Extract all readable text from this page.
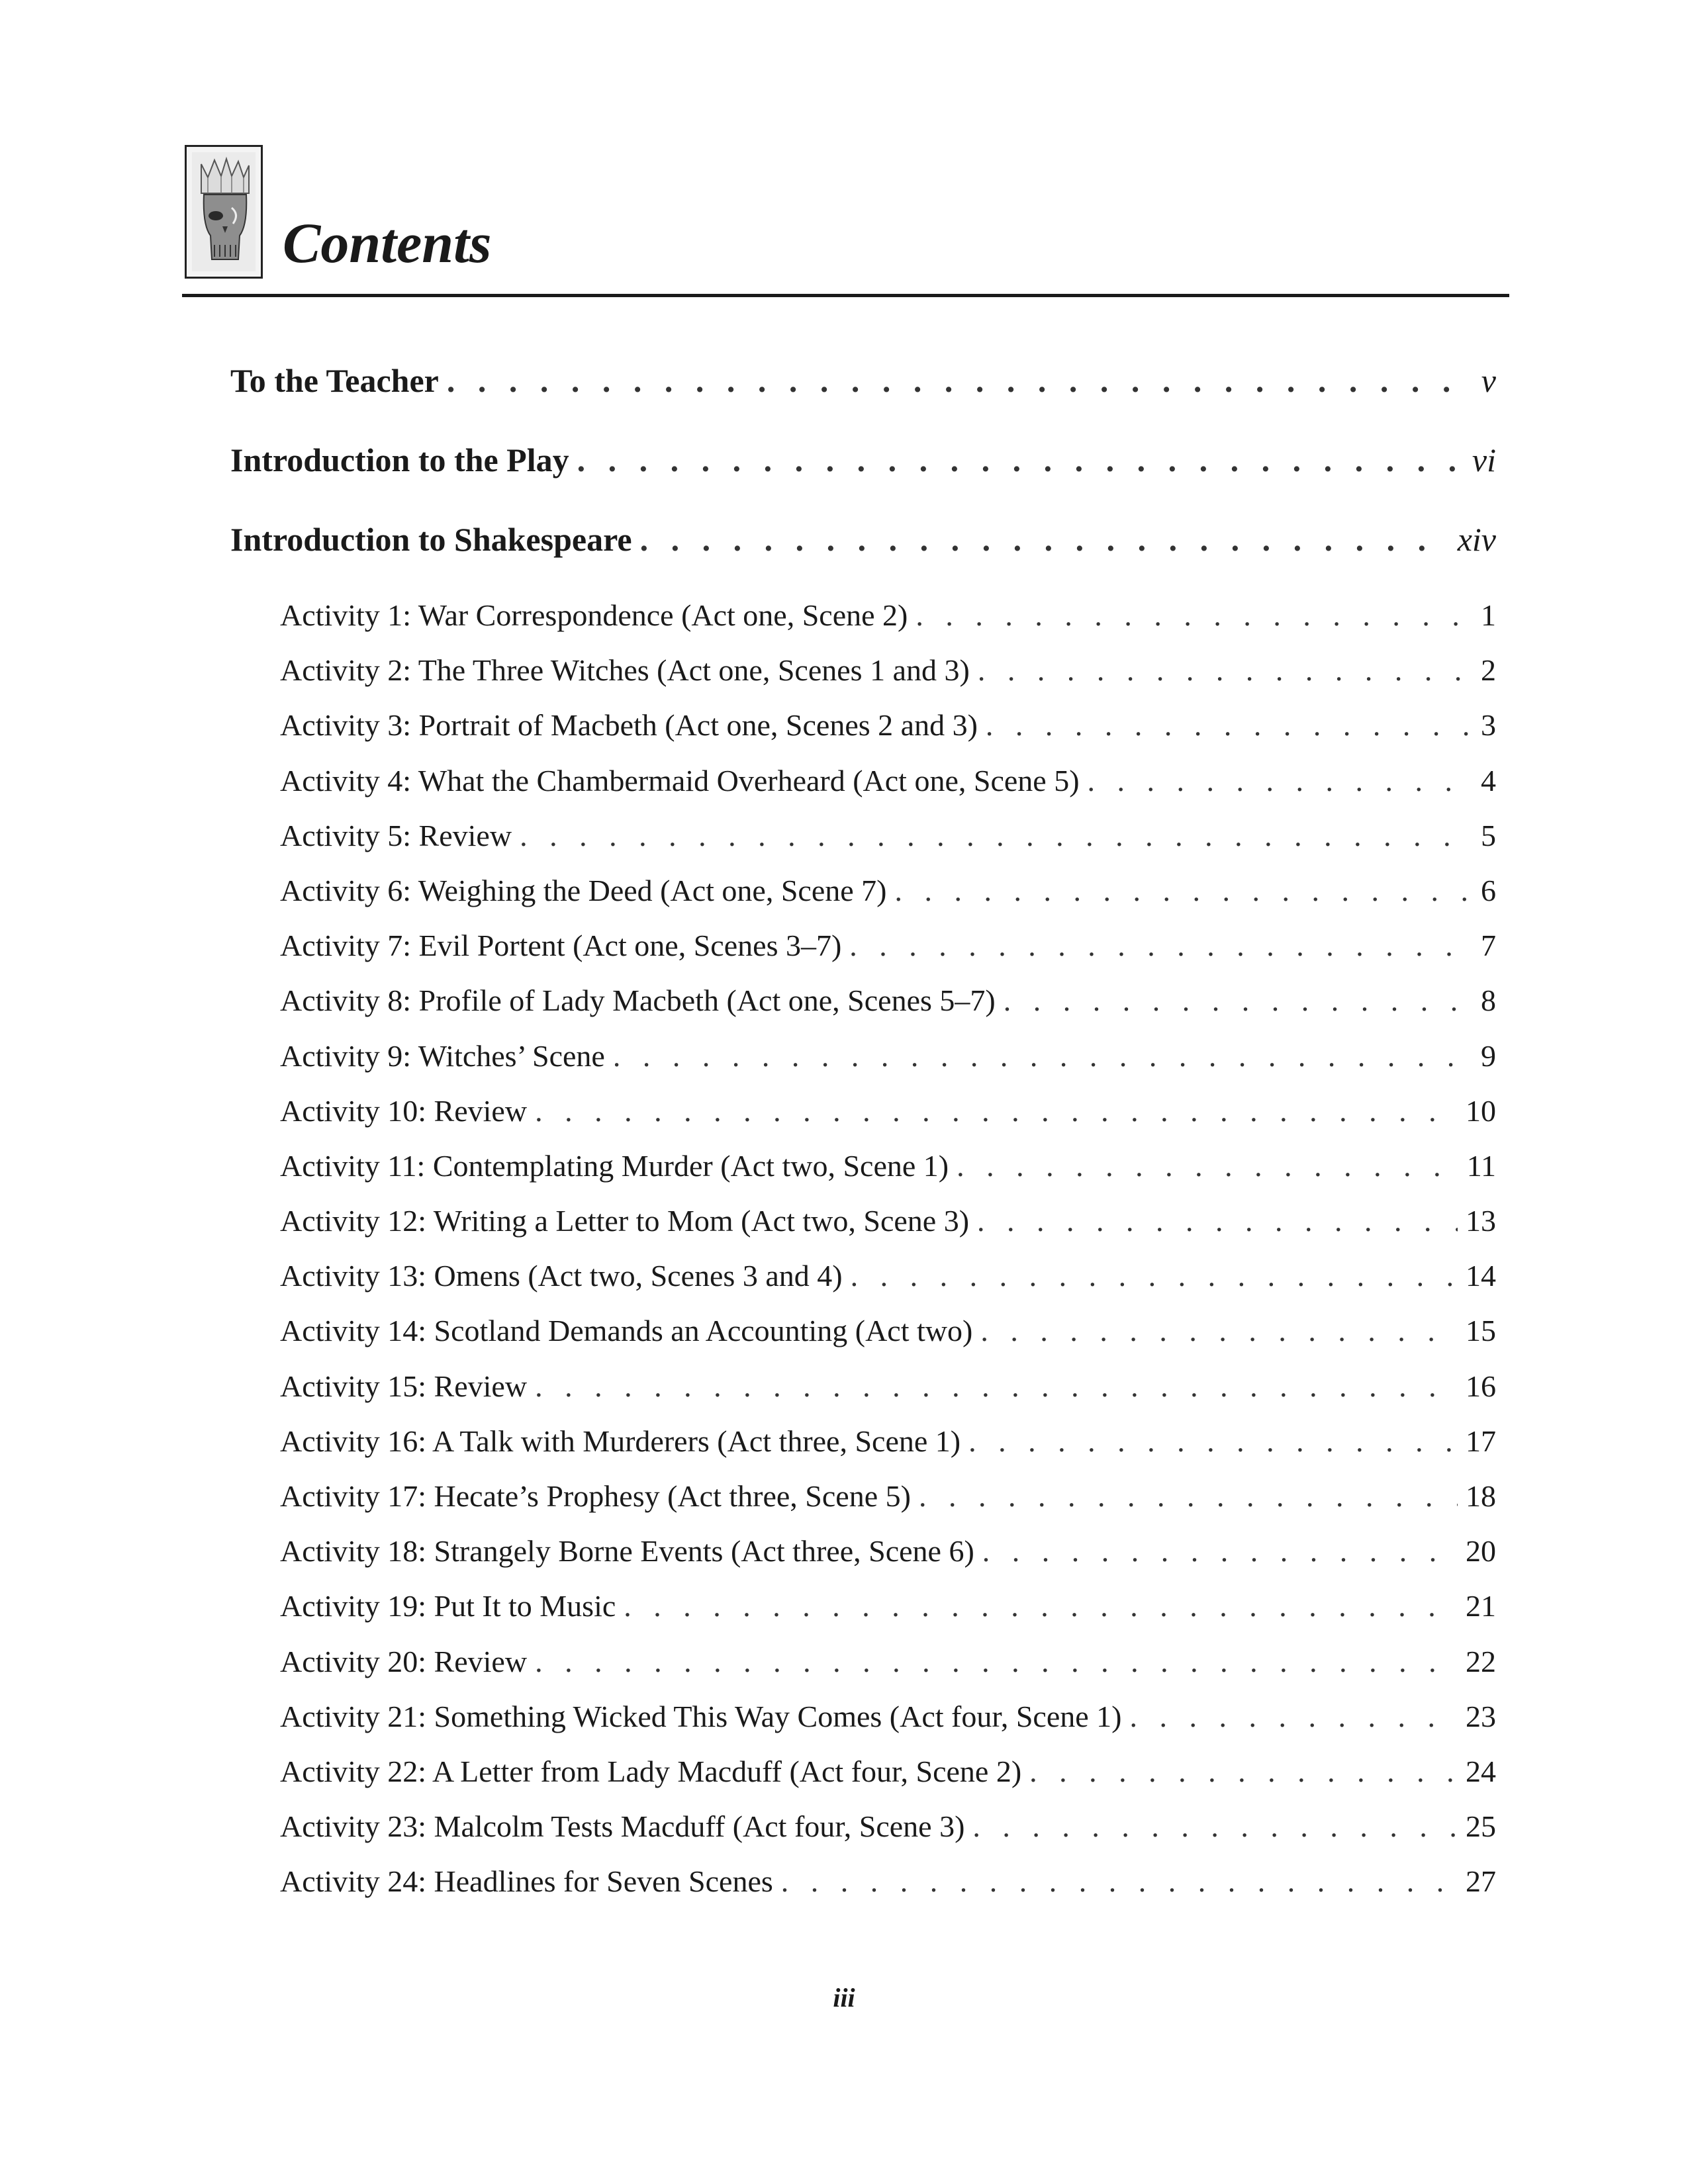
Contents
To the Teacher . . .	v
Introduction to the Play . . .	vi
Introduction to Shakespeare . . .	xiv
Activity 1: War Correspondence (Act one, Scene 2) . . .	1
Activity 2: The Three Witches (Act one, Scenes 1 and 3) . . .	2
Activity 3: Portrait of Macbeth (Act one, Scenes 2 and 3) . . .	3
Activity 4: What the Chambermaid Overheard (Act one, Scene 5) . . .	4
Activity 5: Review . . .	5
Activity 6: Weighing the Deed (Act one, Scene 7) . . .	6
Activity 7: Evil Portent (Act one, Scenes 3–7) . . .	7
Activity 8: Profile of Lady Macbeth (Act one, Scenes 5–7) . . .	8
Activity 9: Witches’ Scene . . .	9
Activity 10: Review . . .	10
Activity 11: Contemplating Murder (Act two, Scene 1) . . .	11
Activity 12: Writing a Letter to Mom (Act two, Scene 3) . . .	13
Activity 13: Omens (Act two, Scenes 3 and 4) . . .	14
Activity 14: Scotland Demands an Accounting (Act two) . . .	15
Activity 15: Review . . .	16
Activity 16: A Talk with Murderers (Act three, Scene 1) . . .	17
Activity 17: Hecate’s Prophesy (Act three, Scene 5) . . .	18
Activity 18: Strangely Borne Events (Act three, Scene 6) . . .	20
Activity 19: Put It to Music . . .	21
Activity 20: Review . . .	22
Activity 21: Something Wicked This Way Comes (Act four, Scene 1) . . .	23
Activity 22: A Letter from Lady Macduff (Act four, Scene 2) . . .	24
Activity 23: Malcolm Tests Macduff (Act four, Scene 3) . . .	25
Activity 24: Headlines for Seven Scenes . . .	27
iii
